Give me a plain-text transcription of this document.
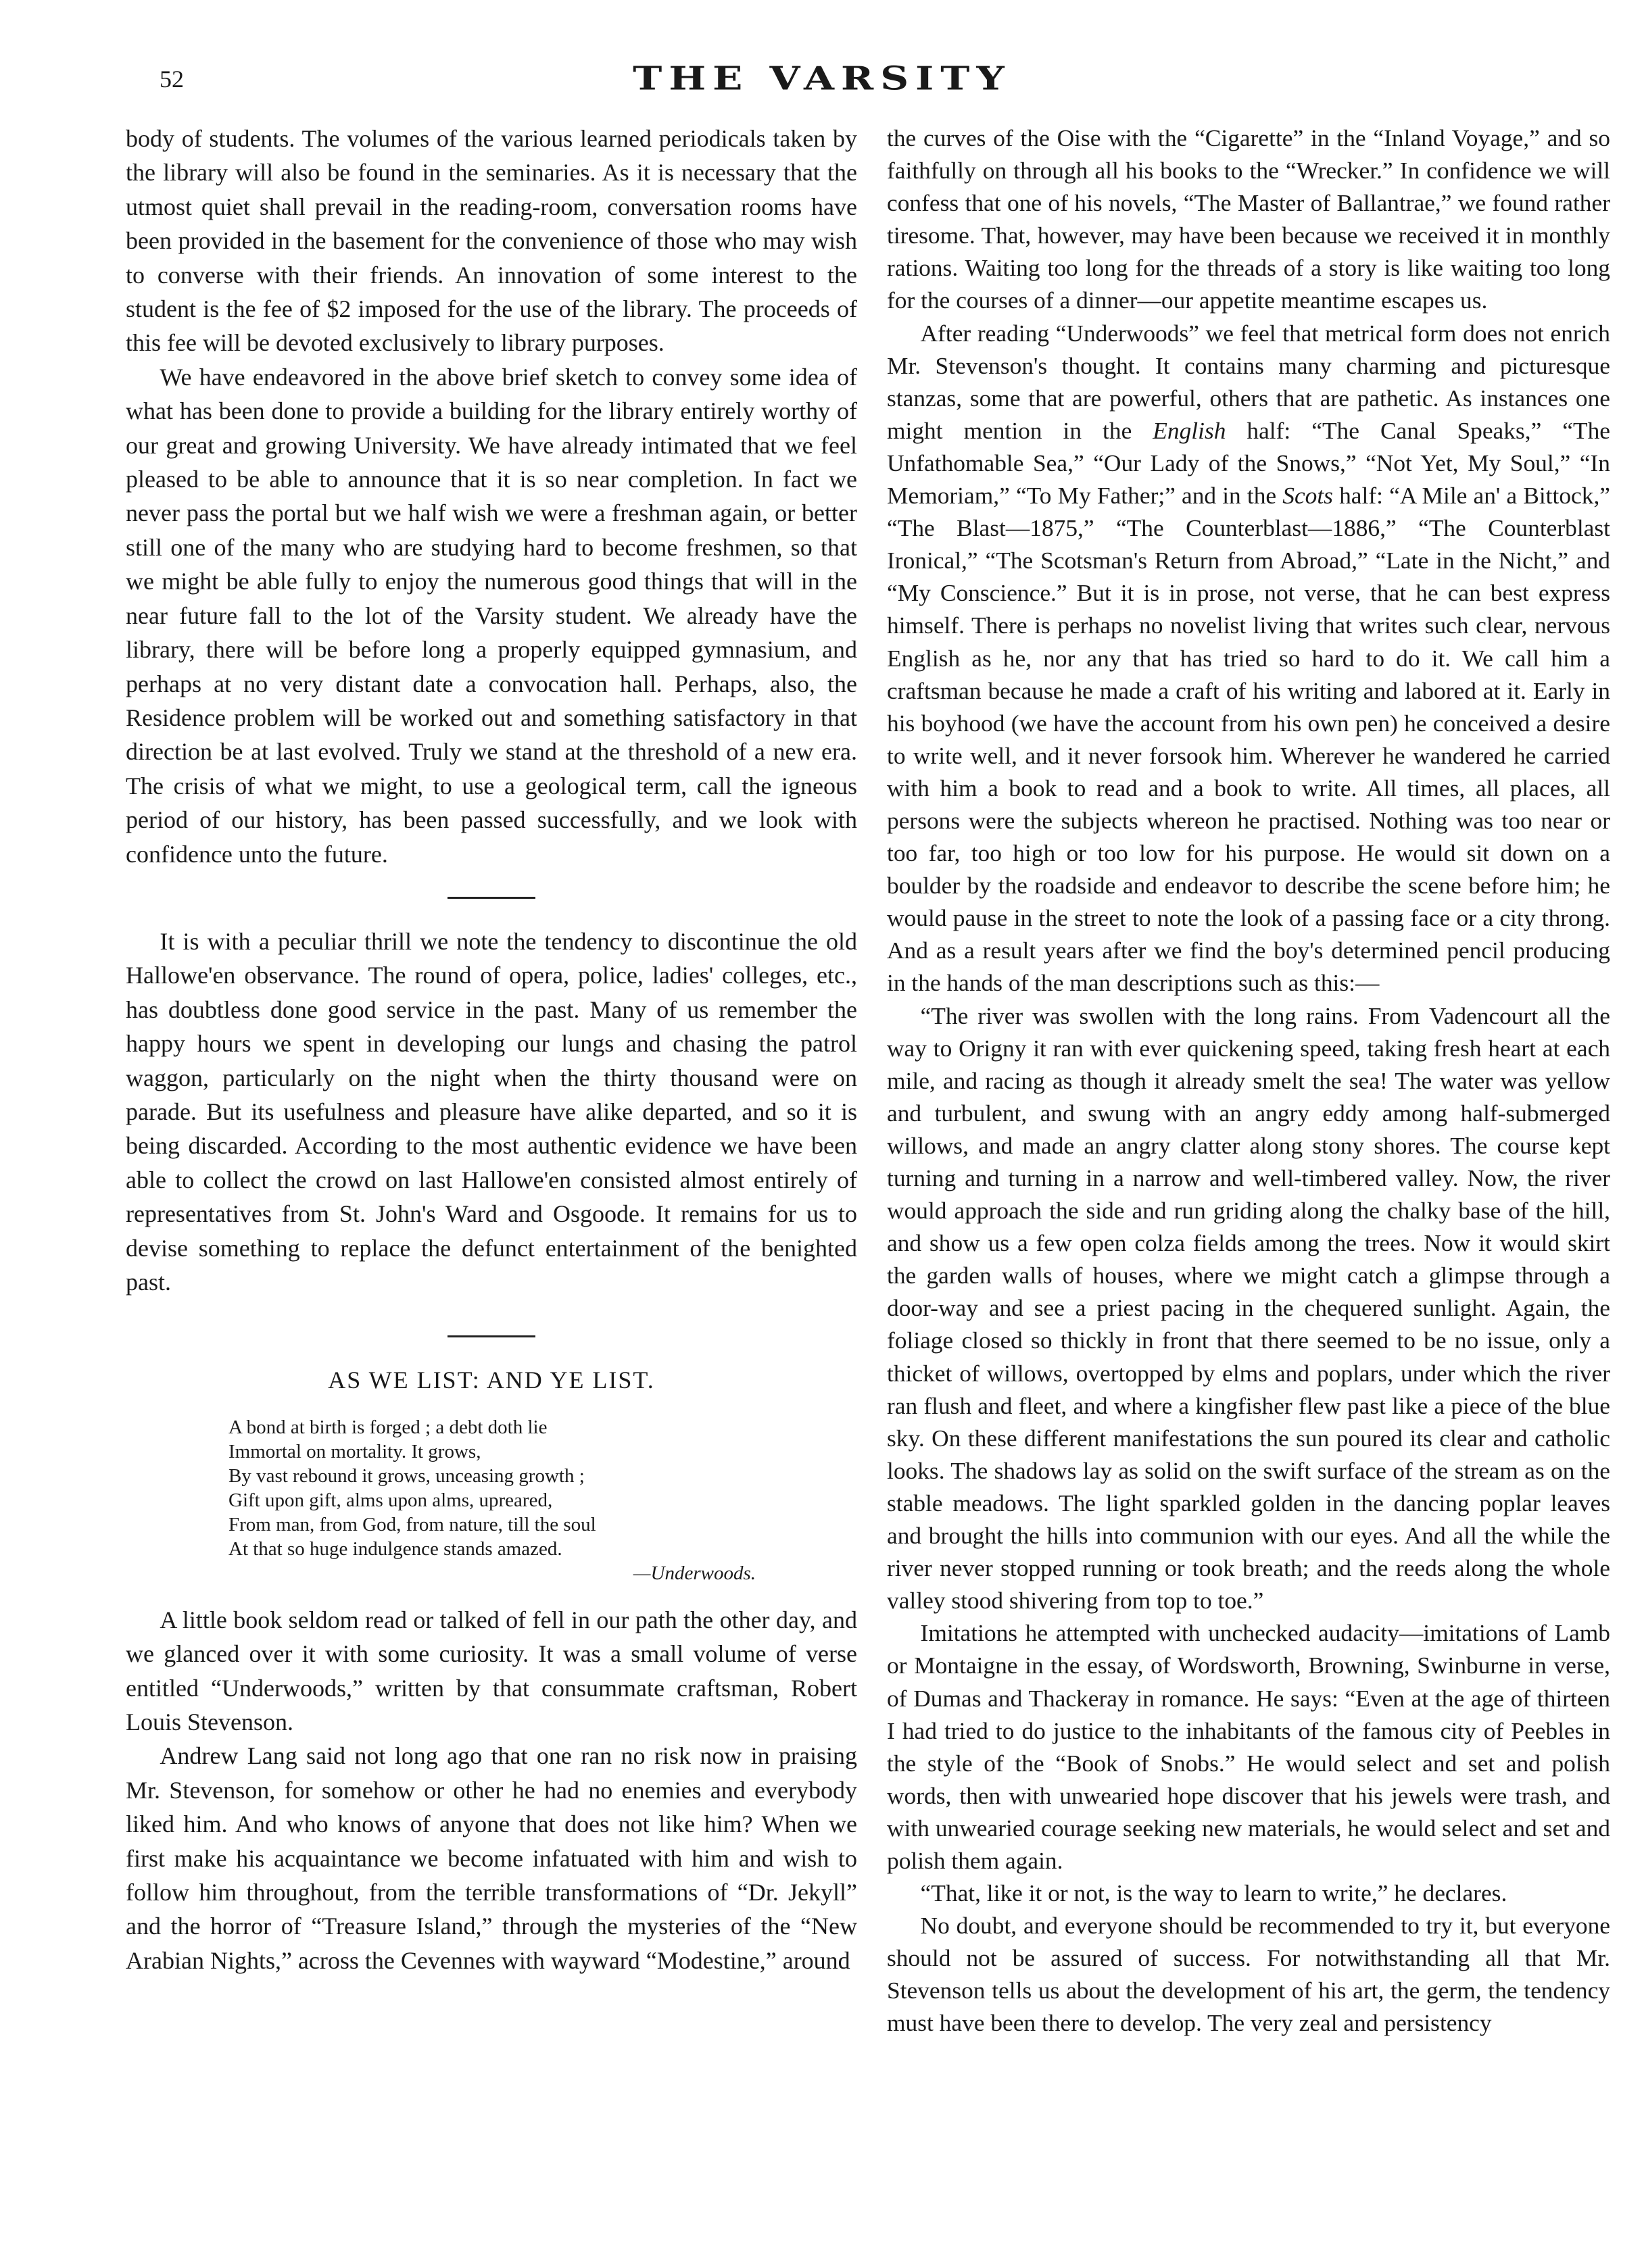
52	THE VARSITY

body of students. The volumes of the various learned periodicals taken by the library will also be found in the seminaries. As it is necessary that the utmost quiet shall prevail in the reading-room, conversation rooms have been provided in the basement for the convenience of those who may wish to converse with their friends. An innovation of some interest to the student is the fee of $2 imposed for the use of the library. The proceeds of this fee will be devoted exclusively to library purposes.

We have endeavored in the above brief sketch to convey some idea of what has been done to provide a building for the library entirely worthy of our great and growing University. We have already intimated that we feel pleased to be able to announce that it is so near completion. In fact we never pass the portal but we half wish we were a freshman again, or better still one of the many who are studying hard to become freshmen, so that we might be able fully to enjoy the numerous good things that will in the near future fall to the lot of the Varsity student. We already have the library, there will be before long a properly equipped gymnasium, and perhaps at no very distant date a convocation hall. Perhaps, also, the Residence problem will be worked out and something satisfactory in that direction be at last evolved. Truly we stand at the threshold of a new era. The crisis of what we might, to use a geological term, call the igneous period of our history, has been passed successfully, and we look with confidence unto the future.

It is with a peculiar thrill we note the tendency to discontinue the old Hallowe'en observance. The round of opera, police, ladies' colleges, etc., has doubtless done good service in the past. Many of us remember the happy hours we spent in developing our lungs and chasing the patrol waggon, particularly on the night when the thirty thousand were on parade. But its usefulness and pleasure have alike departed, and so it is being discarded. According to the most authentic evidence we have been able to collect the crowd on last Hallowe'en consisted almost entirely of representatives from St. John's Ward and Osgoode. It remains for us to devise something to replace the defunct entertainment of the benighted past.

AS WE LIST: AND YE LIST.
A bond at birth is forged ; a debt doth lie
Immortal on mortality. It grows,
By vast rebound it grows, unceasing growth ;
Gift upon gift, alms upon alms, upreared,
From man, from God, from nature, till the soul
At that so huge indulgence stands amazed.
—Underwoods.

A little book seldom read or talked of fell in our path the other day, and we glanced over it with some curiosity. It was a small volume of verse entitled “Underwoods,” written by that consummate craftsman, Robert Louis Stevenson.

Andrew Lang said not long ago that one ran no risk now in praising Mr. Stevenson, for somehow or other he had no enemies and everybody liked him. And who knows of anyone that does not like him? When we first make his acquaintance we become infatuated with him and wish to follow him throughout, from the terrible transformations of “Dr. Jekyll” and the horror of “Treasure Island,” through the mysteries of the “New Arabian Nights,” across the Cevennes with wayward “Modestine,” around

the curves of the Oise with the “Cigarette” in the “Inland Voyage,” and so faithfully on through all his books to the “Wrecker.” In confidence we will confess that one of his novels, “The Master of Ballantrae,” we found rather tiresome. That, however, may have been because we received it in monthly rations. Waiting too long for the threads of a story is like waiting too long for the courses of a dinner—our appetite meantime escapes us.

After reading “Underwoods” we feel that metrical form does not enrich Mr. Stevenson's thought. It contains many charming and picturesque stanzas, some that are powerful, others that are pathetic. As instances one might mention in the English half: “The Canal Speaks,” “The Unfathomable Sea,” “Our Lady of the Snows,” “Not Yet, My Soul,” “In Memoriam,” “To My Father;” and in the Scots half: “A Mile an' a Bittock,” “The Blast—1875,” “The Counterblast—1886,” “The Counterblast Ironical,” “The Scotsman's Return from Abroad,” “Late in the Nicht,” and “My Conscience.” But it is in prose, not verse, that he can best express himself. There is perhaps no novelist living that writes such clear, nervous English as he, nor any that has tried so hard to do it. We call him a craftsman because he made a craft of his writing and labored at it. Early in his boyhood (we have the account from his own pen) he conceived a desire to write well, and it never forsook him. Wherever he wandered he carried with him a book to read and a book to write. All times, all places, all persons were the subjects whereon he practised. Nothing was too near or too far, too high or too low for his purpose. He would sit down on a boulder by the roadside and endeavor to describe the scene before him; he would pause in the street to note the look of a passing face or a city throng. And as a result years after we find the boy's determined pencil producing in the hands of the man descriptions such as this:—

“The river was swollen with the long rains. From Vadencourt all the way to Origny it ran with ever quickening speed, taking fresh heart at each mile, and racing as though it already smelt the sea! The water was yellow and turbulent, and swung with an angry eddy among half-submerged willows, and made an angry clatter along stony shores. The course kept turning and turning in a narrow and well-timbered valley. Now, the river would approach the side and run griding along the chalky base of the hill, and show us a few open colza fields among the trees. Now it would skirt the garden walls of houses, where we might catch a glimpse through a door-way and see a priest pacing in the chequered sunlight. Again, the foliage closed so thickly in front that there seemed to be no issue, only a thicket of willows, overtopped by elms and poplars, under which the river ran flush and fleet, and where a kingfisher flew past like a piece of the blue sky. On these different manifestations the sun poured its clear and catholic looks. The shadows lay as solid on the swift surface of the stream as on the stable meadows. The light sparkled golden in the dancing poplar leaves and brought the hills into communion with our eyes. And all the while the river never stopped running or took breath; and the reeds along the whole valley stood shivering from top to toe.”

Imitations he attempted with unchecked audacity—imitations of Lamb or Montaigne in the essay, of Wordsworth, Browning, Swinburne in verse, of Dumas and Thackeray in romance. He says: “Even at the age of thirteen I had tried to do justice to the inhabitants of the famous city of Peebles in the style of the “Book of Snobs.” He would select and set and polish words, then with unwearied hope discover that his jewels were trash, and with unwearied courage seeking new materials, he would select and set and polish them again.

“That, like it or not, is the way to learn to write,” he declares.

No doubt, and everyone should be recommended to try it, but everyone should not be assured of success. For notwithstanding all that Mr. Stevenson tells us about the development of his art, the germ, the tendency must have been there to develop. The very zeal and persistency
